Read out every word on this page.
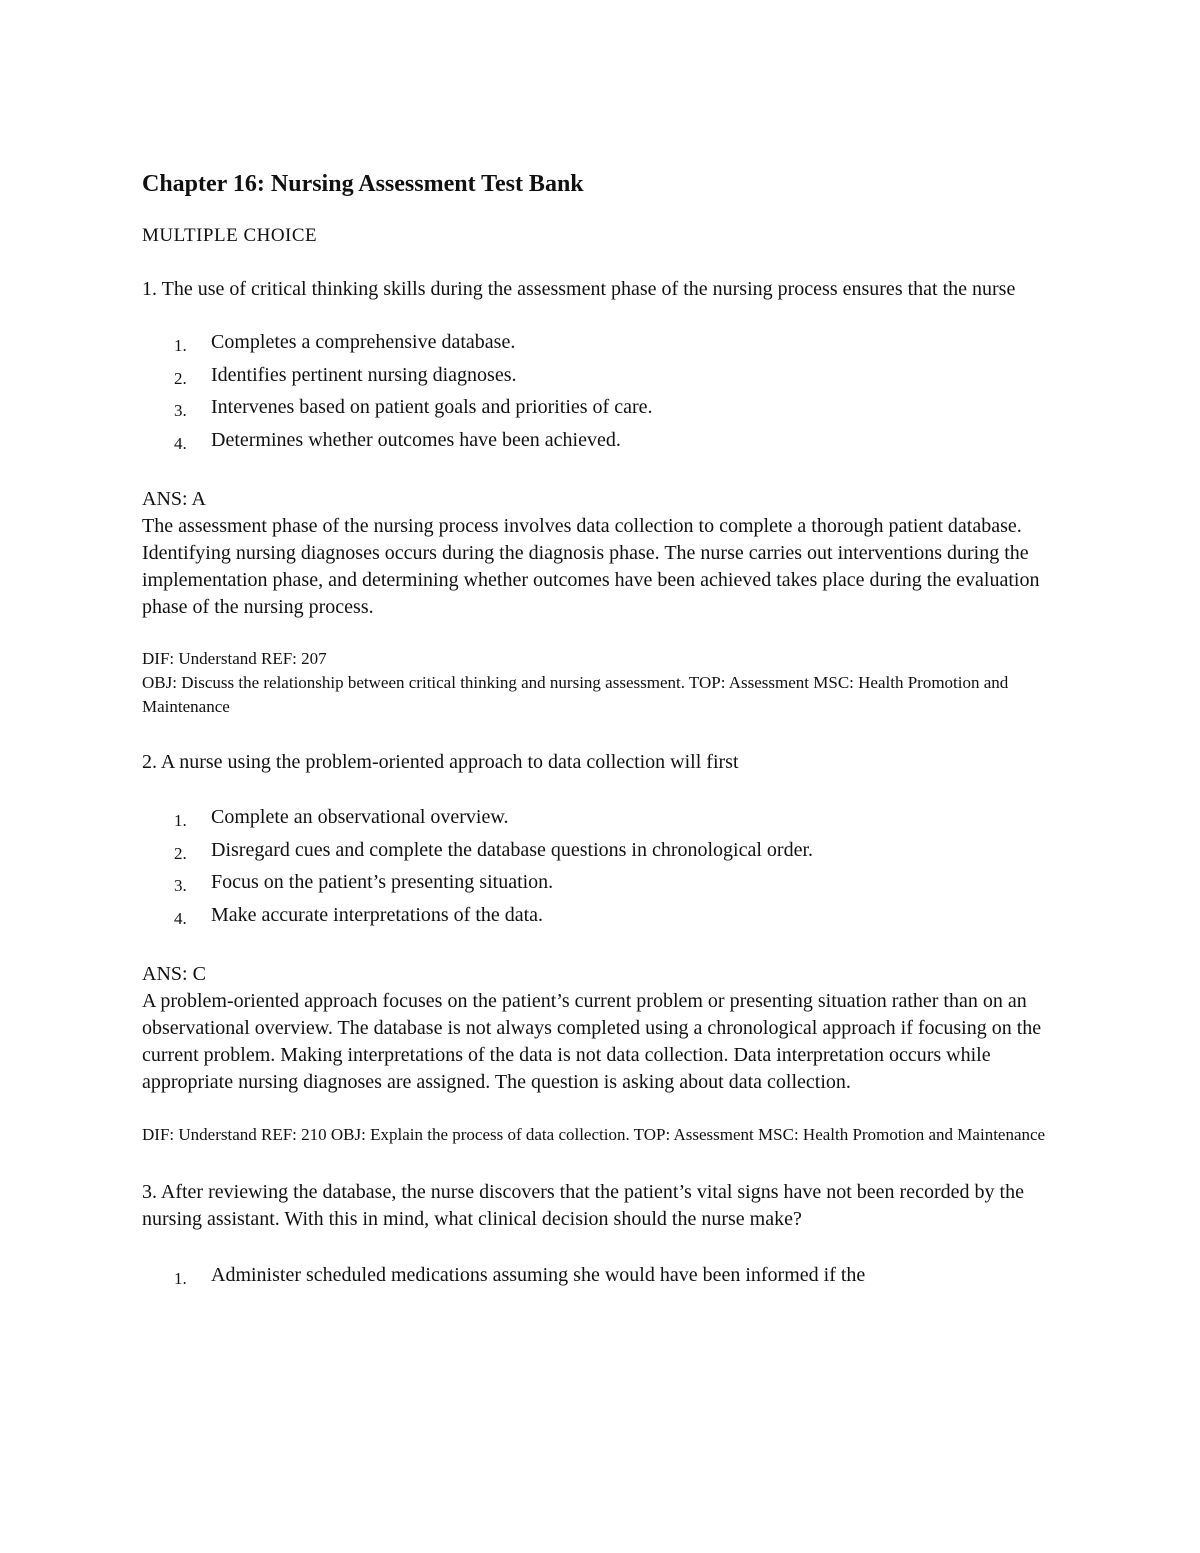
Chapter 16: Nursing Assessment Test Bank

MULTIPLE CHOICE

1. The use of critical thinking skills during the assessment phase of the nursing process ensures that the nurse

1.	Completes a comprehensive database.
2.	Identifies pertinent nursing diagnoses.
3.	Intervenes based on patient goals and priorities of care.
4.	Determines whether outcomes have been achieved.

ANS: A

The assessment phase of the nursing process involves data collection to complete a thorough patient database. Identifying nursing diagnoses occurs during the diagnosis phase. The nurse carries out interventions during the implementation phase, and determining whether outcomes have been achieved takes place during the evaluation phase of the nursing process.

DIF: Understand REF: 207

OBJ: Discuss the relationship between critical thinking and nursing assessment. TOP: Assessment MSC: Health Promotion and Maintenance

2. A nurse using the problem-oriented approach to data collection will first

1.	Complete an observational overview.
2.	Disregard cues and complete the database questions in chronological order.
3.	Focus on the patient’s presenting situation.
4.	Make accurate interpretations of the data.

ANS: C

A problem-oriented approach focuses on the patient’s current problem or presenting situation rather than on an observational overview. The database is not always completed using a chronological approach if focusing on the current problem. Making interpretations of the data is not data collection. Data interpretation occurs while appropriate nursing diagnoses are assigned. The question is asking about data collection.

DIF: Understand REF: 210 OBJ: Explain the process of data collection. TOP: Assessment MSC: Health Promotion and Maintenance

3. After reviewing the database, the nurse discovers that the patient’s vital signs have not been recorded by the nursing assistant. With this in mind, what clinical decision should the nurse make?

1.	Administer scheduled medications assuming she would have been informed if the
